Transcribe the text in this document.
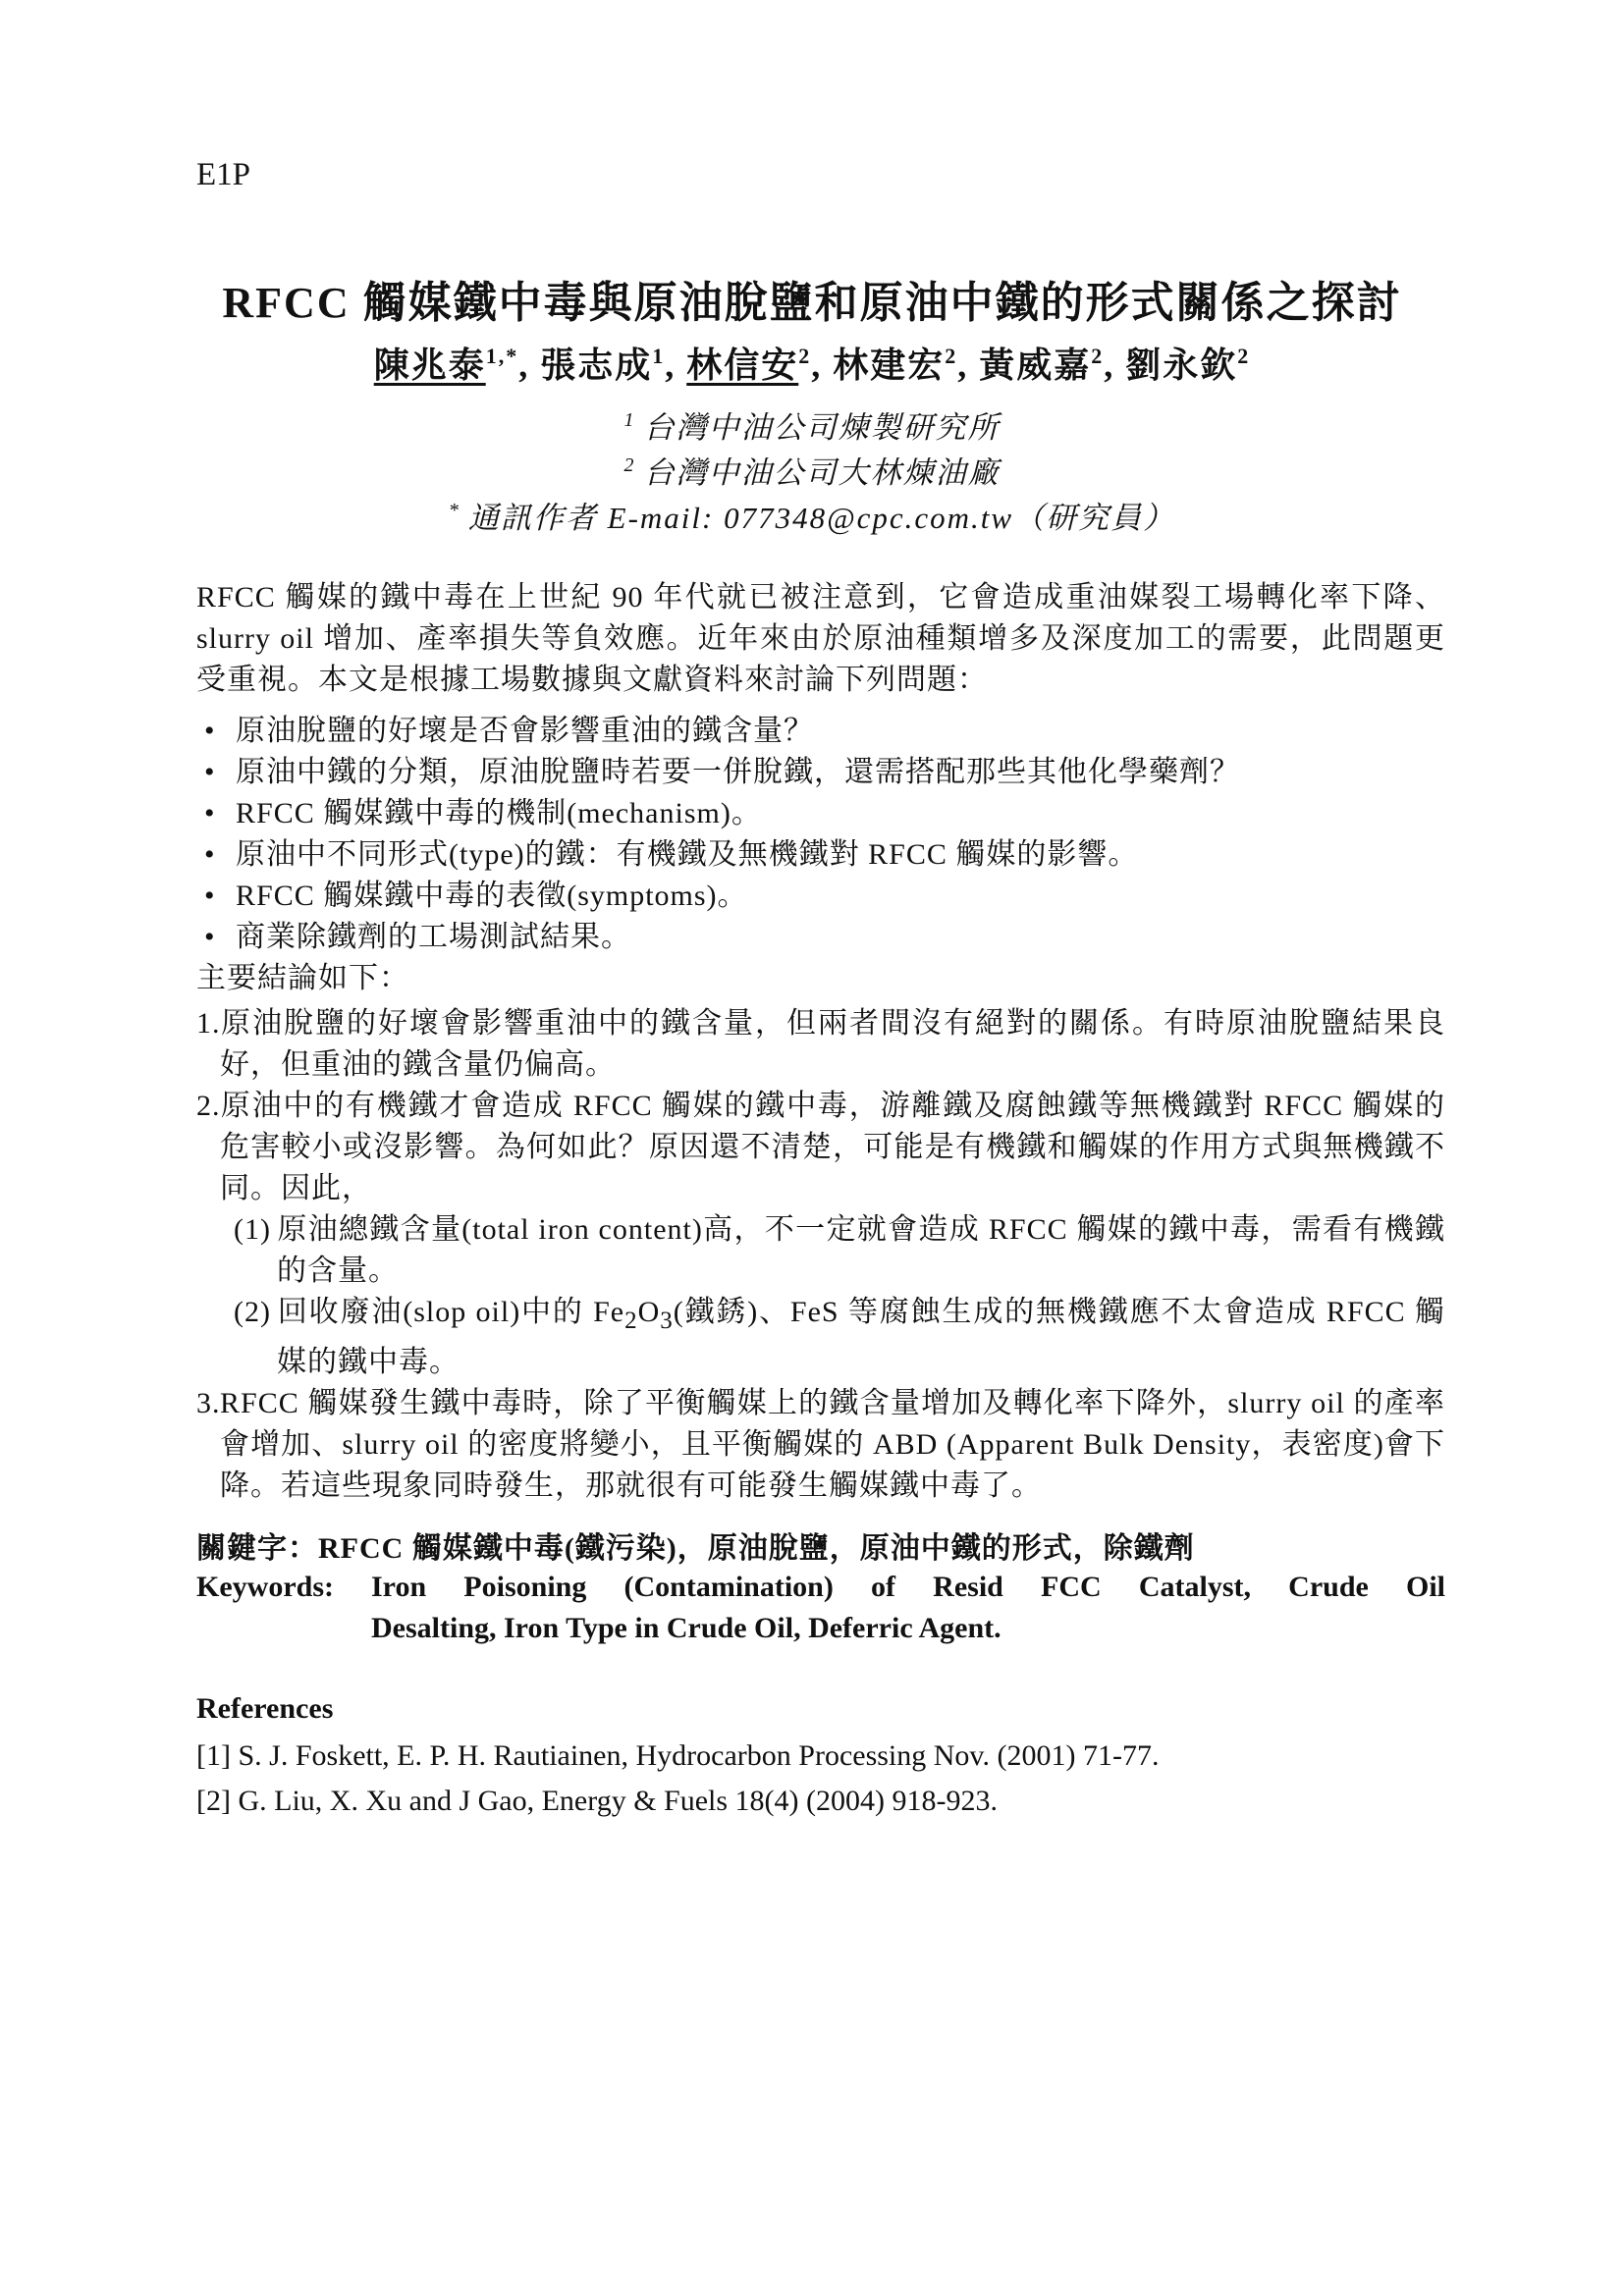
E1P
RFCC 觸媒鐵中毒與原油脫鹽和原油中鐵的形式關係之探討
陳兆泰$^{1,*}$, 張志成$^1$, 林信安$^2$, 林建宏$^2$, 黃威嘉$^2$, 劉永欽$^2$
$^1$ 台灣中油公司煉製研究所
$^2$ 台灣中油公司大林煉油廠
* 通訊作者 E-mail: 077348@cpc.com.tw（研究員）

RFCC 觸媒的鐵中毒在上世紀 90 年代就已被注意到，它會造成重油媒裂工場轉化率下降、slurry oil 增加、產率損失等負效應。近年來由於原油種類增多及深度加工的需要，此問題更受重視。本文是根據工場數據與文獻資料來討論下列問題：

• 原油脫鹽的好壞是否會影響重油的鐵含量？
• 原油中鐵的分類，原油脫鹽時若要一併脫鐵，還需搭配那些其他化學藥劑？
• RFCC 觸媒鐵中毒的機制(mechanism)。
• 原油中不同形式(type)的鐵：有機鐵及無機鐵對 RFCC 觸媒的影響。
• RFCC 觸媒鐵中毒的表徵(symptoms)。
• 商業除鐵劑的工場測試結果。
主要結論如下：

1.原油脫鹽的好壞會影響重油中的鐵含量，但兩者間沒有絕對的關係。有時原油脫鹽結果良好，但重油的鐵含量仍偏高。

2.原油中的有機鐵才會造成 RFCC 觸媒的鐵中毒，游離鐵及腐蝕鐵等無機鐵對 RFCC 觸媒的危害較小或沒影響。為何如此？原因還不清楚，可能是有機鐵和觸媒的作用方式與無機鐵不同。因此，

(1) 原油總鐵含量(total iron content)高，不一定就會造成 RFCC 觸媒的鐵中毒，需看有機鐵的含量。

(2) 回收廢油(slop oil)中的 $Fe_2O_3$(鐵銹)、FeS 等腐蝕生成的無機鐵應不太會造成 RFCC 觸媒的鐵中毒。

3.RFCC 觸媒發生鐵中毒時，除了平衡觸媒上的鐵含量增加及轉化率下降外，slurry oil 的產率會增加、slurry oil 的密度將變小，且平衡觸媒的 ABD (Apparent Bulk Density，表密度)會下降。若這些現象同時發生，那就很有可能發生觸媒鐵中毒了。

關鍵字：RFCC 觸媒鐵中毒(鐵污染)，原油脫鹽，原油中鐵的形式，除鐵劑
Keywords:	Iron Poisoning (Contamination) of Resid FCC Catalyst, Crude Oil
Desalting, Iron Type in Crude Oil, Deferric Agent.
References
[1] S. J. Foskett, E. P. H. Rautiainen, Hydrocarbon Processing Nov. (2001) 71-77.
[2] G. Liu, X. Xu and J Gao, Energy & Fuels 18(4) (2004) 918-923.
